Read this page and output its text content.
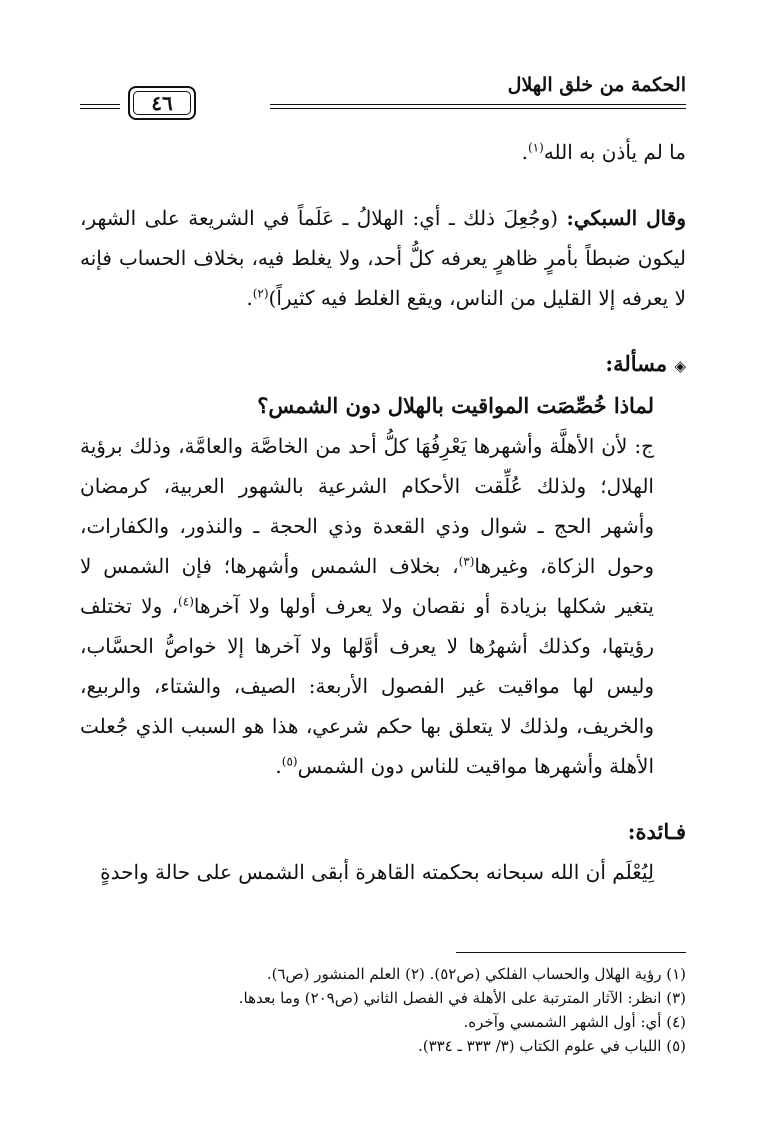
الحكمة من خلق الهلال
٤٦

ما لم يأذن به الله$^{(١)}$.

وقال السبكي: (وجُعِلَ ذلك ـ أي: الهلالُ ـ عَلَماً في الشريعة على الشهر، ليكون ضبطاً بأمرٍ ظاهرٍ يعرفه كلُّ أحد، ولا يغلط فيه، بخلاف الحساب فإنه لا يعرفه إلا القليل من الناس، ويقع الغلط فيه كثيراً)$^{(٢)}$.

◈ مسألة:

لماذا خُصِّصَت المواقيت بالهلال دون الشمس؟

ج: لأن الأهلَّة وأشهرها يَعْرِفُهَا كلُّ أحد من الخاصَّة والعامَّة، وذلك برؤية الهلال؛ ولذلك عُلِّقت الأحكام الشرعية بالشهور العربية، كرمضان وأشهر الحج ـ شوال وذي القعدة وذي الحجة ـ والنذور، والكفارات، وحول الزكاة، وغيرها$^{(٣)}$، بخلاف الشمس وأشهرها؛ فإن الشمس لا يتغير شكلها بزيادة أو نقصان ولا يعرف أولها ولا آخرها$^{(٤)}$، ولا تختلف رؤيتها، وكذلك أشهرُها لا يعرف أوَّلها ولا آخرها إلا خواصُّ الحسَّاب، وليس لها مواقيت غير الفصول الأربعة: الصيف، والشتاء، والربيع، والخريف، ولذلك لا يتعلق بها حكم شرعي، هذا هو السبب الذي جُعلت الأهلة وأشهرها مواقيت للناس دون الشمس$^{(٥)}$.

فـائدة:

لِيُعْلَم أن الله سبحانه بحكمته القاهرة أبقى الشمس على حالة واحدةٍ

(١) رؤية الهلال والحساب الفلكي (ص٥٢). (٢) العلم المنشور (ص٦).
(٣) انظر: الآثار المترتبة على الأهلة في الفصل الثاني (ص٢٠٩) وما بعدها.
(٤) أي: أول الشهر الشمسي وآخره.
(٥) اللباب في علوم الكتاب (٣/ ٣٣٣ ـ ٣٣٤).
